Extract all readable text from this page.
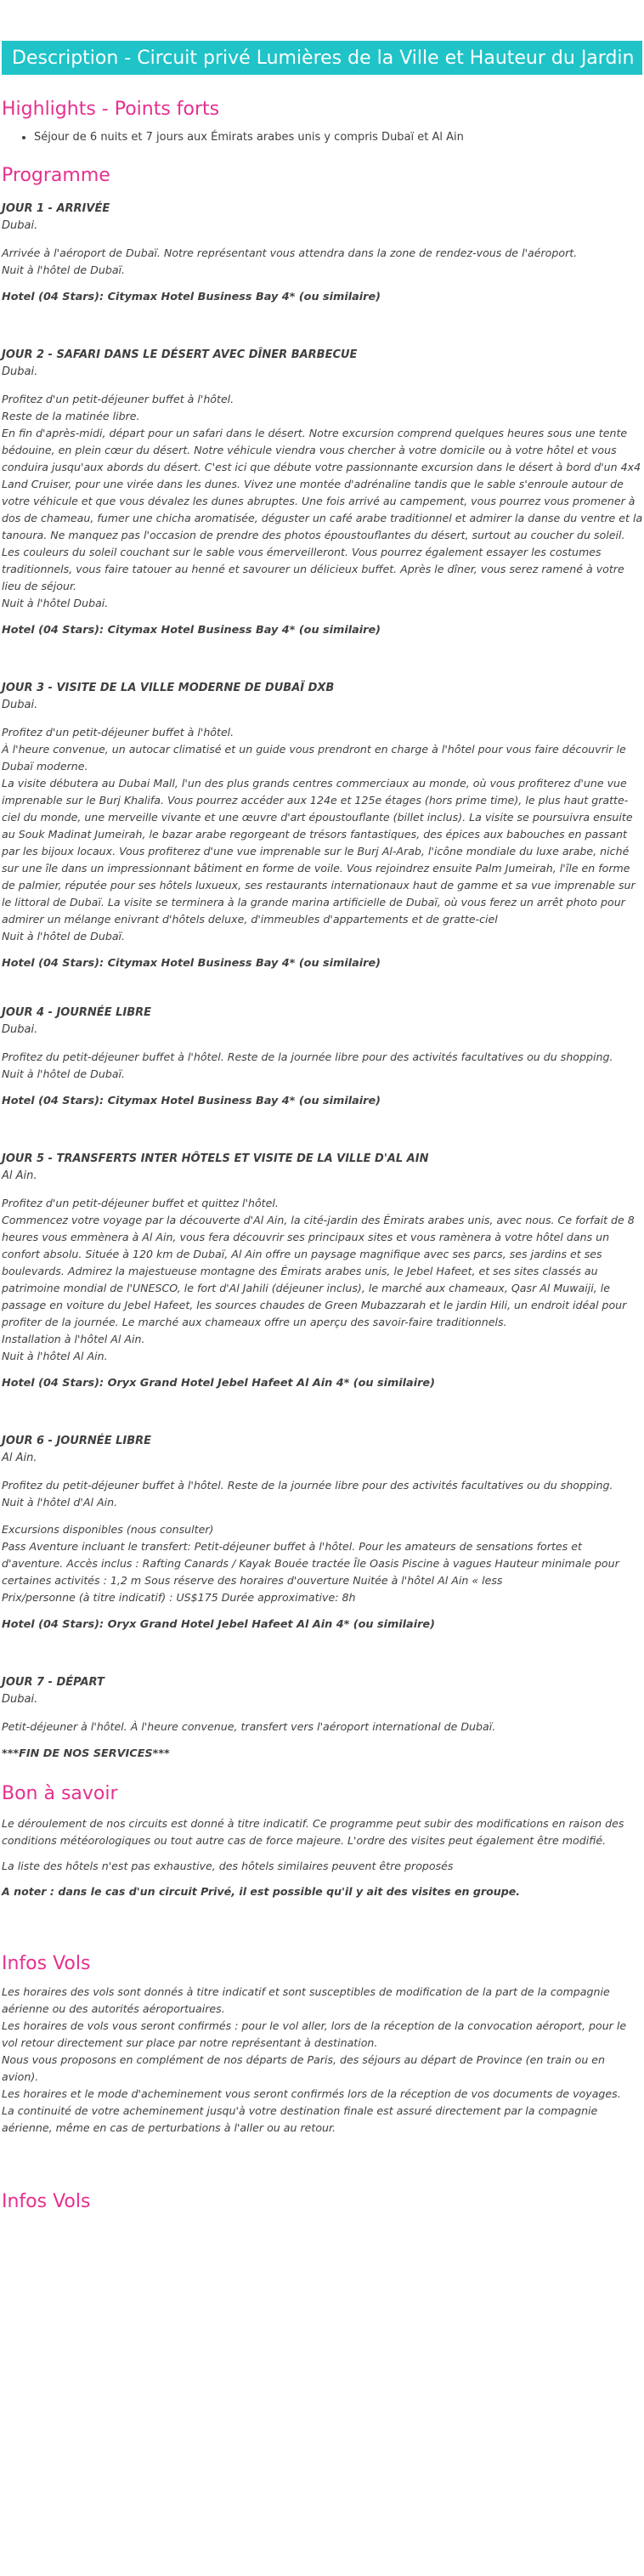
Description - Circuit privé Lumières de la Ville et Hauteur du Jardin
Highlights - Points forts
• Séjour de 6 nuits et 7 jours aux Émirats arabes unis y compris Dubaï et Al Ain
Programme
JOUR 1 - ARRIVÉE
Dubai.
Arrivée à l'aéroport de Dubaï. Notre représentant vous attendra dans la zone de rendez-vous de l'aéroport.
Nuit à l'hôtel de Dubaï.
Hotel (04 Stars): Citymax Hotel Business Bay 4* (ou similaire)
JOUR 2 - SAFARI DANS LE DÉSERT AVEC DÎNER BARBECUE
Dubai.
Profitez d'un petit-déjeuner buffet à l'hôtel.
Reste de la matinée libre.
En fin d'après-midi, départ pour un safari dans le désert. Notre excursion comprend quelques heures sous une tente bédouine, en plein cœur du désert. Notre véhicule viendra vous chercher à votre domicile ou à votre hôtel et vous conduira jusqu'aux abords du désert. C'est ici que débute votre passionnante excursion dans le désert à bord d'un 4x4 Land Cruiser, pour une virée dans les dunes. Vivez une montée d'adrénaline tandis que le sable s'enroule autour de votre véhicule et que vous dévalez les dunes abruptes. Une fois arrivé au campement, vous pourrez vous promener à dos de chameau, fumer une chicha aromatisée, déguster un café arabe traditionnel et admirer la danse du ventre et la tanoura. Ne manquez pas l'occasion de prendre des photos époustouflantes du désert, surtout au coucher du soleil. Les couleurs du soleil couchant sur le sable vous émerveilleront. Vous pourrez également essayer les costumes traditionnels, vous faire tatouer au henné et savourer un délicieux buffet. Après le dîner, vous serez ramené à votre lieu de séjour.
Nuit à l'hôtel Dubai.
Hotel (04 Stars): Citymax Hotel Business Bay 4* (ou similaire)
JOUR 3 - VISITE DE LA VILLE MODERNE DE DUBAÏ DXB
Dubai.
Profitez d'un petit-déjeuner buffet à l'hôtel.
À l'heure convenue, un autocar climatisé et un guide vous prendront en charge à l'hôtel pour vous faire découvrir le Dubaï moderne.
La visite débutera au Dubai Mall, l'un des plus grands centres commerciaux au monde, où vous profiterez d'une vue imprenable sur le Burj Khalifa. Vous pourrez accéder aux 124e et 125e étages (hors prime time), le plus haut gratte-ciel du monde, une merveille vivante et une œuvre d'art époustouflante (billet inclus). La visite se poursuivra ensuite au Souk Madinat Jumeirah, le bazar arabe regorgeant de trésors fantastiques, des épices aux babouches en passant par les bijoux locaux. Vous profiterez d'une vue imprenable sur le Burj Al-Arab, l'icône mondiale du luxe arabe, niché sur une île dans un impressionnant bâtiment en forme de voile. Vous rejoindrez ensuite Palm Jumeirah, l'île en forme de palmier, réputée pour ses hôtels luxueux, ses restaurants internationaux haut de gamme et sa vue imprenable sur le littoral de Dubaï. La visite se terminera à la grande marina artificielle de Dubaï, où vous ferez un arrêt photo pour admirer un mélange enivrant d'hôtels deluxe, d'immeubles d'appartements et de gratte-ciel
Nuit à l'hôtel de Dubaï.
Hotel (04 Stars): Citymax Hotel Business Bay 4* (ou similaire)
JOUR 4 - JOURNÉE LIBRE
Dubai.
Profitez du petit-déjeuner buffet à l'hôtel. Reste de la journée libre pour des activités facultatives ou du shopping.
Nuit à l'hôtel de Dubaï.
Hotel (04 Stars): Citymax Hotel Business Bay 4* (ou similaire)
JOUR 5 - TRANSFERTS INTER HÔTELS ET VISITE DE LA VILLE D'AL AIN
Al Ain.
Profitez d'un petit-déjeuner buffet et quittez l'hôtel.
Commencez votre voyage par la découverte d'Al Ain, la cité-jardin des Émirats arabes unis, avec nous. Ce forfait de 8 heures vous emmènera à Al Ain, vous fera découvrir ses principaux sites et vous ramènera à votre hôtel dans un confort absolu. Située à 120 km de Dubaï, Al Ain offre un paysage magnifique avec ses parcs, ses jardins et ses boulevards. Admirez la majestueuse montagne des Émirats arabes unis, le Jebel Hafeet, et ses sites classés au patrimoine mondial de l'UNESCO, le fort d'Al Jahili (déjeuner inclus), le marché aux chameaux, Qasr Al Muwaiji, le passage en voiture du Jebel Hafeet, les sources chaudes de Green Mubazzarah et le jardin Hili, un endroit idéal pour profiter de la journée. Le marché aux chameaux offre un aperçu des savoir-faire traditionnels.
Installation à l'hôtel Al Ain.
Nuit à l'hôtel Al Ain.
Hotel (04 Stars): Oryx Grand Hotel Jebel Hafeet Al Ain 4* (ou similaire)
JOUR 6 - JOURNÉE LIBRE
Al Ain.
Profitez du petit-déjeuner buffet à l'hôtel. Reste de la journée libre pour des activités facultatives ou du shopping.
Nuit à l'hôtel d'Al Ain.
Excursions disponibles (nous consulter)
Pass Aventure incluant le transfert: Petit-déjeuner buffet à l'hôtel. Pour les amateurs de sensations fortes et d'aventure. Accès inclus : Rafting Canards / Kayak Bouée tractée Île Oasis Piscine à vagues Hauteur minimale pour certaines activités : 1,2 m Sous réserve des horaires d'ouverture Nuitée à l'hôtel Al Ain « less
Prix/personne (à titre indicatif) : US$175 Durée approximative: 8h
Hotel (04 Stars): Oryx Grand Hotel Jebel Hafeet Al Ain 4* (ou similaire)
JOUR 7 - DÉPART
Dubai.
Petit-déjeuner à l'hôtel. À l'heure convenue, transfert vers l'aéroport international de Dubaï.
***FIN DE NOS SERVICES***
Bon à savoir
Le déroulement de nos circuits est donné à titre indicatif. Ce programme peut subir des modifications en raison des conditions météorologiques ou tout autre cas de force majeure. L'ordre des visites peut également être modifié.
La liste des hôtels n'est pas exhaustive, des hôtels similaires peuvent être proposés
A noter : dans le cas d'un circuit Privé, il est possible qu'il y ait des visites en groupe.
Infos Vols
Les horaires des vols sont donnés à titre indicatif et sont susceptibles de modification de la part de la compagnie aérienne ou des autorités aéroportuaires.
Les horaires de vols vous seront confirmés : pour le vol aller, lors de la réception de la convocation aéroport, pour le vol retour directement sur place par notre représentant à destination.
Nous vous proposons en complément de nos départs de Paris, des séjours au départ de Province (en train ou en avion).
Les horaires et le mode d'acheminement vous seront confirmés lors de la réception de vos documents de voyages.
La continuité de votre acheminement jusqu'à votre destination finale est assuré directement par la compagnie aérienne, même en cas de perturbations à l'aller ou au retour.
Infos Vols
